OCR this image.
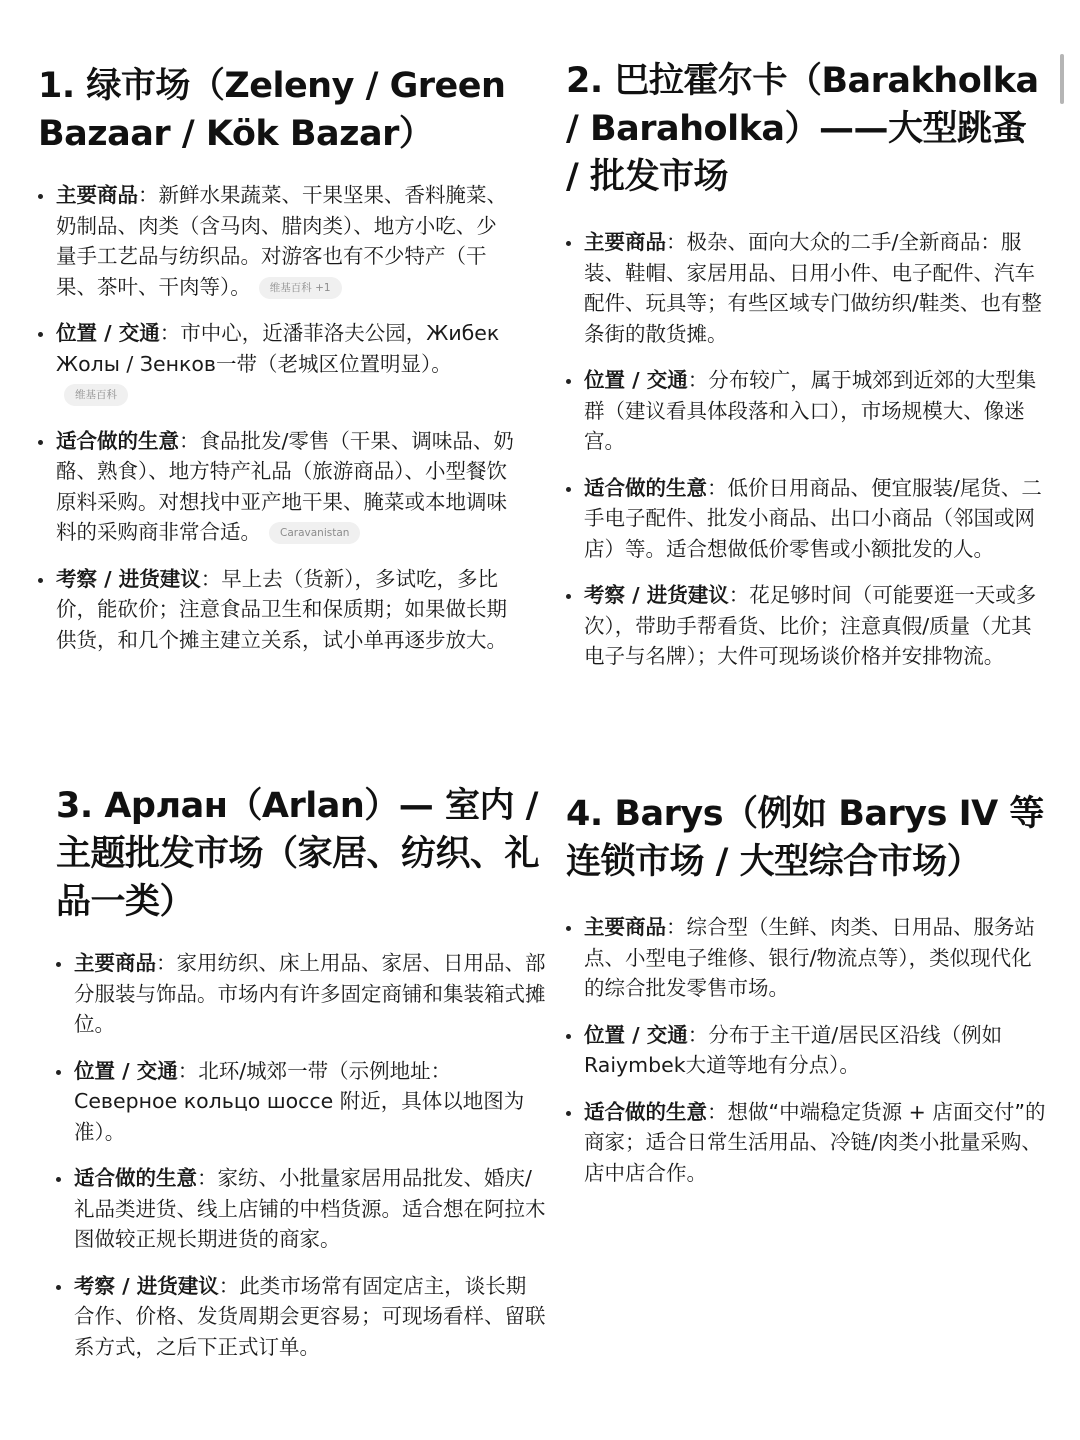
1. 绿市场（Zeleny / Green Bazaar / Kök Bazar）
主要商品：新鲜水果蔬菜、干果坚果、香料腌菜、奶制品、肉类（含马肉、腊肉类）、地方小吃、少量手工艺品与纺织品。对游客也有不少特产（干果、茶叶、干肉等）。 维基百科 +1
位置 / 交通：市中心，近潘菲洛夫公园，Жибек Жолы / Зенков一带（老城区位置明显）。维基百科
适合做的生意：食品批发/零售（干果、调味品、奶酪、熟食）、地方特产礼品（旅游商品）、小型餐饮原料采购。对想找中亚产地干果、腌菜或本地调味料的采购商非常合适。 Caravanistan
考察 / 进货建议：早上去（货新），多试吃，多比价，能砍价；注意食品卫生和保质期；如果做长期供货，和几个摊主建立关系，试小单再逐步放大。
2. 巴拉霍尔卡（Barakholka / Baraholka）——大型跳蚤 / 批发市场
主要商品：极杂、面向大众的二手/全新商品：服装、鞋帽、家居用品、日用小件、电子配件、汽车配件、玩具等；有些区域专门做纺织/鞋类、也有整条街的散货摊。
位置 / 交通：分布较广，属于城郊到近郊的大型集群（建议看具体段落和入口），市场规模大、像迷宫。
适合做的生意：低价日用商品、便宜服装/尾货、二手电子配件、批发小商品、出口小商品（邻国或网店）等。适合想做低价零售或小额批发的人。
考察 / 进货建议：花足够时间（可能要逛一天或多次），带助手帮看货、比价；注意真假/质量（尤其电子与名牌）；大件可现场谈价格并安排物流。
3. Арлан（Arlan）— 室内 / 主题批发市场（家居、纺织、礼品一类）
主要商品：家用纺织、床上用品、家居、日用品、部分服装与饰品。市场内有许多固定商铺和集装箱式摊位。
位置 / 交通：北环/城郊一带（示例地址：Северное кольцо шоссе 附近，具体以地图为准）。
适合做的生意：家纺、小批量家居用品批发、婚庆/礼品类进货、线上店铺的中档货源。适合想在阿拉木图做较正规长期进货的商家。
考察 / 进货建议：此类市场常有固定店主，谈长期合作、价格、发货周期会更容易；可现场看样、留联系方式，之后下正式订单。
4. Barys（例如 Barys IV 等连锁市场 / 大型综合市场）
主要商品：综合型（生鲜、肉类、日用品、服务站点、小型电子维修、银行/物流点等），类似现代化的综合批发零售市场。
位置 / 交通：分布于主干道/居民区沿线（例如Raiymbek大道等地有分点）。
适合做的生意：想做“中端稳定货源 + 店面交付”的商家；适合日常生活用品、冷链/肉类小批量采购、店中店合作。
